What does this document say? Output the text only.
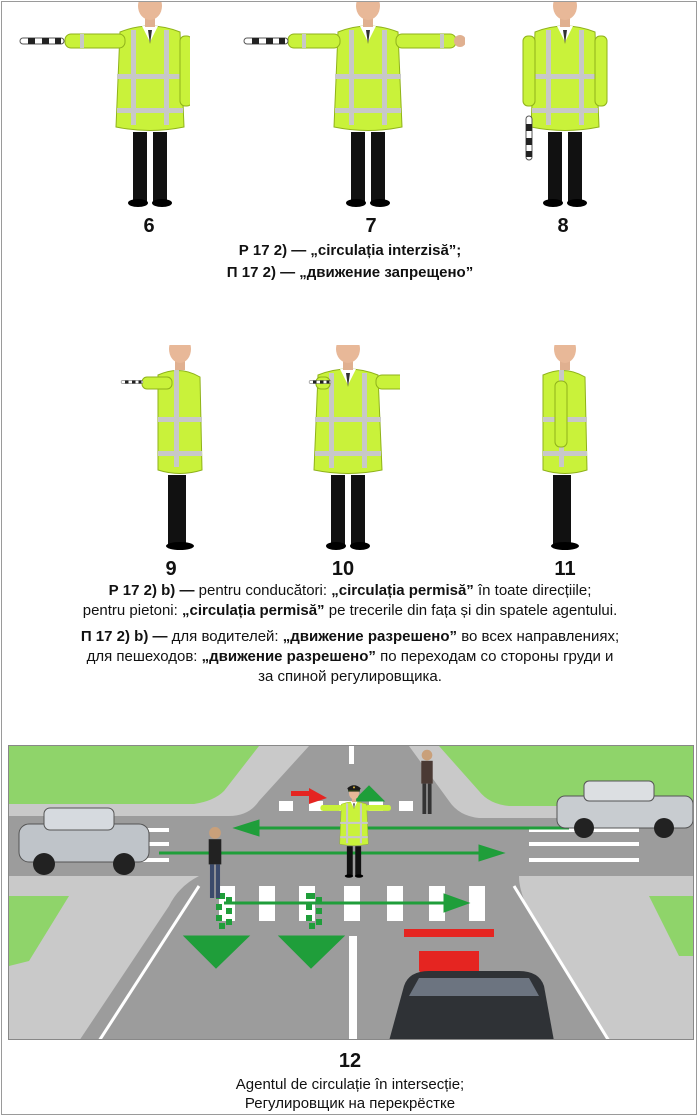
6	7	8
Р 17 2) — „circulația interzisă”;
П 17 2) — „движение запрещено”
9	10	11
Р 17 2) b) — pentru conducători: „circulația permisă” în toate direcțiile;
pentru pietoni: „circulația permisă” pe trecerile din fața și din spatele agentului.
П 17 2) b) — для водителей: „движение разрешено” во всех направлениях;
для пешеходов: „движение разрешено” по переходам со стороны груди и
за спиной регулировщика.
12
Agentul de circulație în intersecție;
Регулировщик на перекрёстке
